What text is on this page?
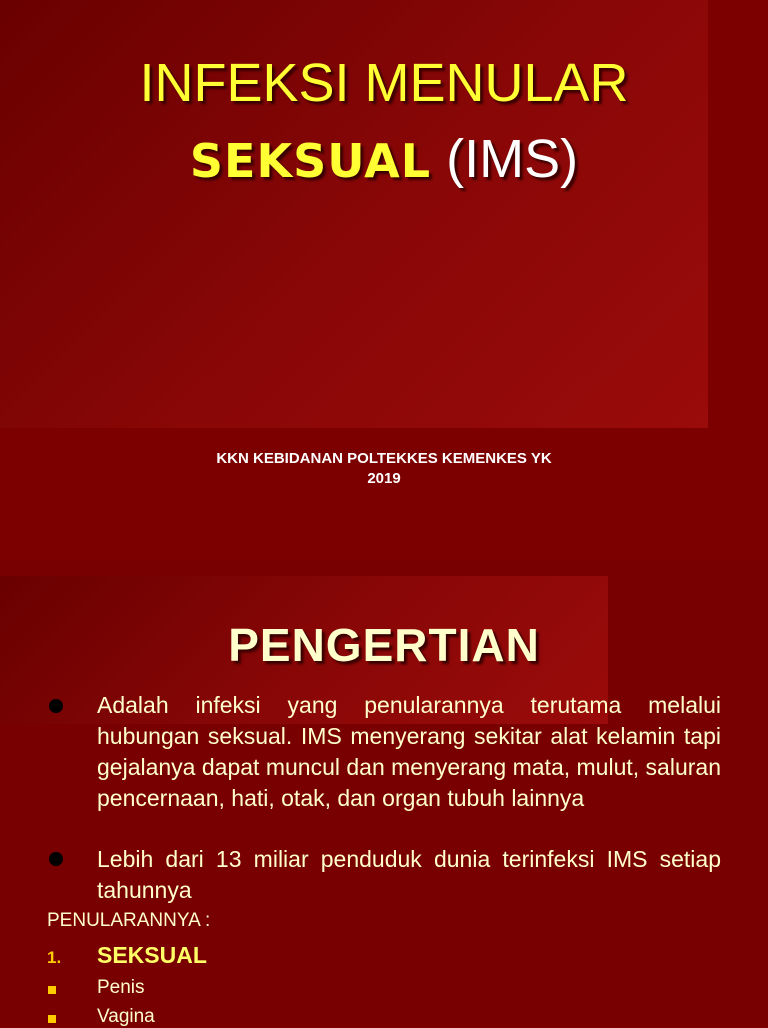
INFEKSI MENULAR
SEKSUAL (IMS)
KKN KEBIDANAN POLTEKKES KEMENKES YK
2019
PENGERTIAN
Adalah infeksi yang penularannya terutama melalui hubungan seksual. IMS menyerang sekitar alat kelamin tapi gejalanya dapat muncul dan menyerang mata, mulut, saluran pencernaan, hati, otak, dan organ tubuh lainnya
Lebih dari 13 miliar penduduk dunia terinfeksi IMS setiap tahunnya
PENULARANNYA :
1. SEKSUAL
Penis
Vagina
